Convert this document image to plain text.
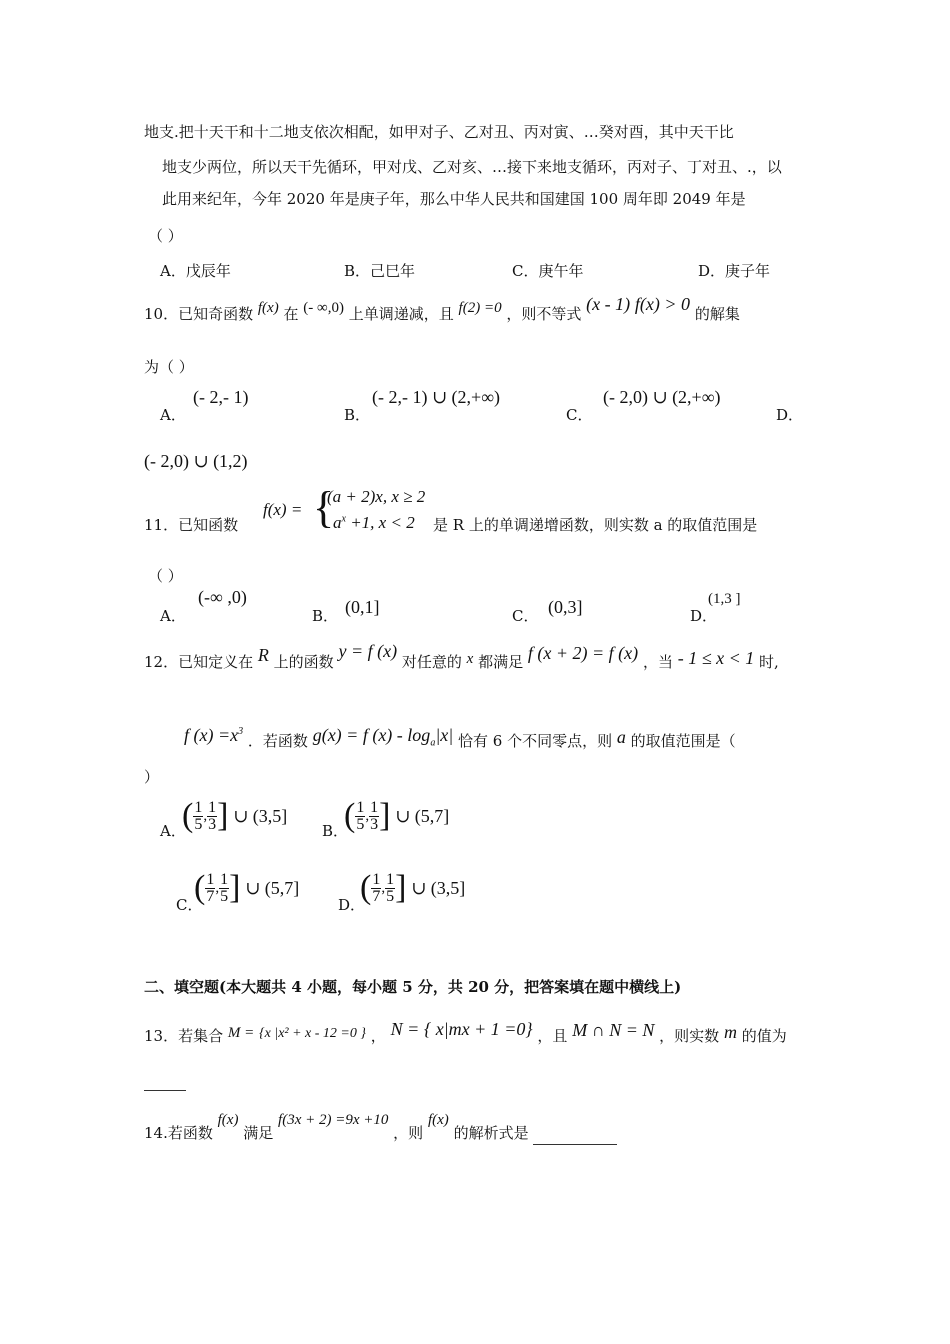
地支.把十天干和十二地支依次相配，如甲对子、乙对丑、丙对寅、…癸对酉，其中天干比
地支少两位，所以天干先循环，甲对戊、乙对亥、…接下来地支循环，丙对子、丁对丑、.，以
此用来纪年，今年 2020 年是庚子年，那么中华人民共和国建国 100 周年即 2049 年是
（ ）
A．戊辰年	B．己巳年	C．庚午年	D．庚子年
10．已知奇函数 f(x) 在 (- ∞,0) 上单调递减，且 f(2) =0 ，则不等式 (x - 1) f(x) > 0 的解集
为（ ）
A．
(- 2,- 1)
B．
(- 2,- 1) ∪ (2,+∞)
C．
(- 2,0) ∪ (2,+∞)
D．
(- 2,0) ∪ (1,2)
11．已知函数
f(x) = {
(a + 2)x, x ≥ 2
$a^x +1$, x < 2 是 R 上的单调递增函数，则实数 a 的取值范围是
（ ）
A．
(-∞ ,0)
B． (0,1]	C． (0,3]	D．
(1,3 ]
12．已知定义在 R 上的函数 y = f (x) 对任意的 x 都满足 f (x + 2) = f (x) ，当 - 1 ≤ x < 1 时,
f $(x) =x^3$ ．若函数 g(x) = f $(x) - \log_a|x|$ 恰有 6 个不同零点，则 a 的取值范围是（
）
A．
( $\frac{1}{5}$ , $\frac{1}{3}$ ] ∪ (3,5]
B．
( $\frac{1}{5}$ , $\frac{1}{3}$ ] ∪ (5,7]
C．
( $\frac{1}{7}$ , $\frac{1}{5}$ ] ∪ (5,7]
D．
( $\frac{1}{7}$ , $\frac{1}{5}$ ] ∪ (3,5]
二、填空题(本大题共 4 小题，每小题 5 分，共 20 分，把答案填在题中横线上)
13．若集合 M = {x |x² + x - 12 =0 } ， N = { x|mx + 1 =0} ，且 M ∩ N = N ，则实数 m 的值为
14.若函数 f(x) 满足 f(3x + 2) =9x +10 ，则 f(x) 的解析式是
